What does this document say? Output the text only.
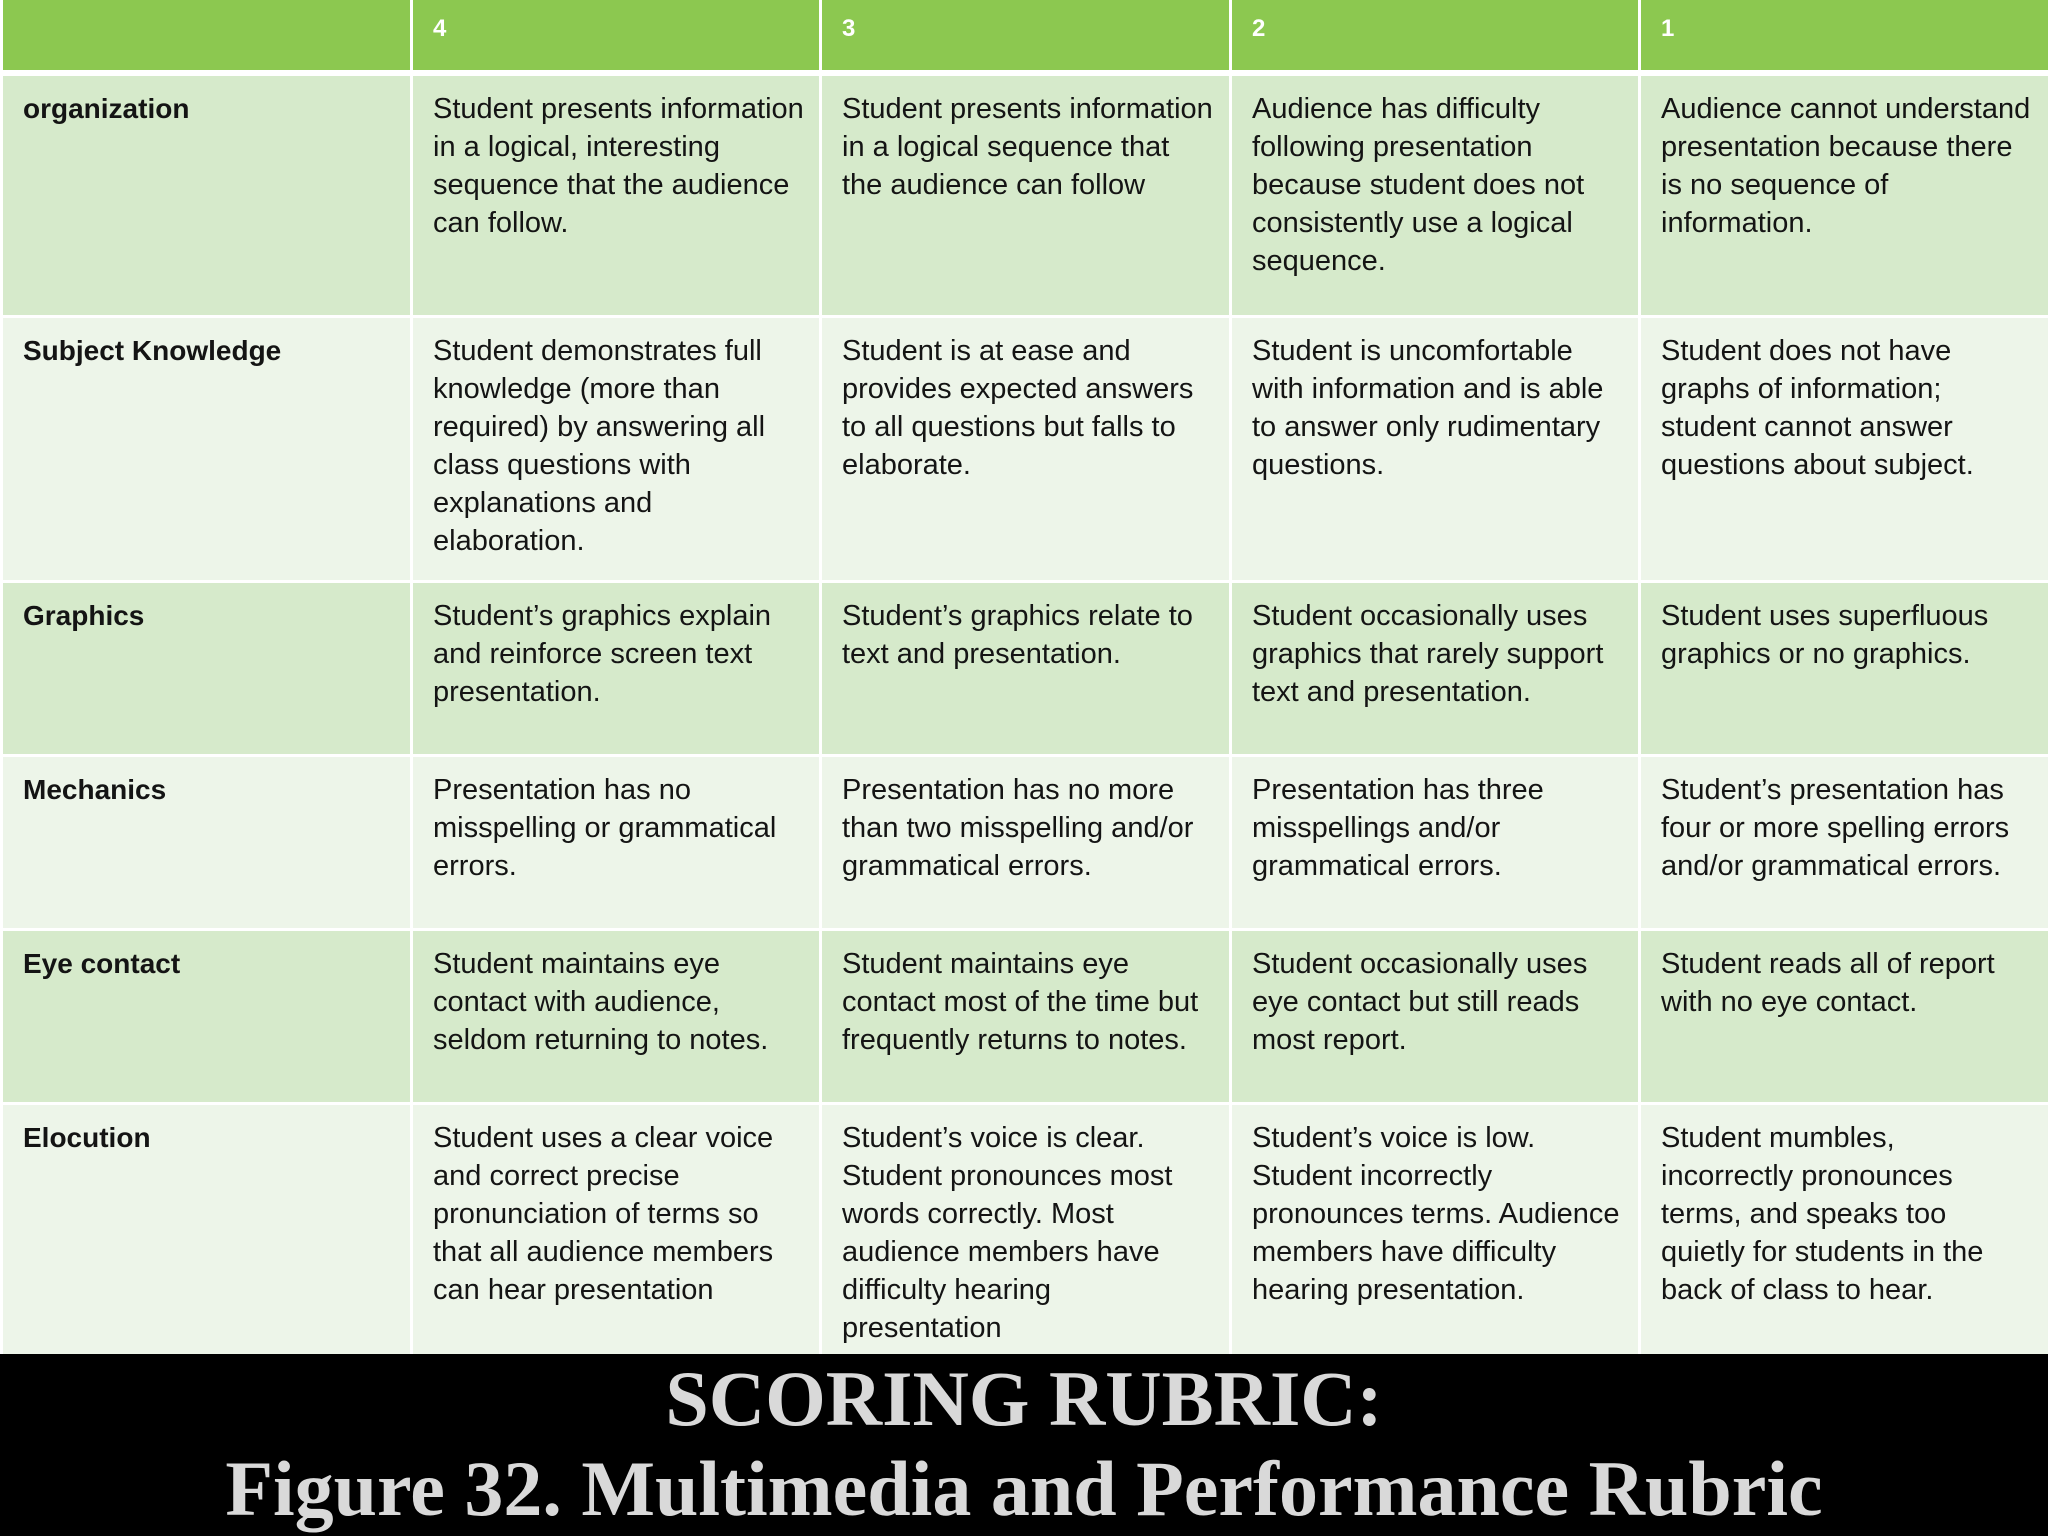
	4	3	2	1
organization	Student presents information in a logical, interesting sequence that the audience can follow.	Student presents information in a logical sequence that the audience can follow	Audience has difficulty following presentation because student does not consistently use a logical sequence.	Audience cannot understand presentation because there is no sequence of information.
Subject Knowledge	Student demonstrates full knowledge (more than required) by answering all class questions with explanations and elaboration.	Student is at ease and provides expected answers to all questions but falls to elaborate.	Student is uncomfortable with information and is able to answer only rudimentary questions.	Student does not have graphs of information; student cannot answer questions about subject.
Graphics	Student’s graphics explain and reinforce screen text presentation.	Student’s graphics relate to text and presentation.	Student occasionally uses graphics that rarely support text and presentation.	Student uses superfluous graphics or no graphics.
Mechanics	Presentation has no misspelling or grammatical errors.	Presentation has no more than two misspelling and/or grammatical errors.	Presentation has three misspellings and/or grammatical errors.	Student’s presentation has four or more spelling errors and/or grammatical errors.
Eye contact	Student maintains eye contact with audience, seldom returning to notes.	Student maintains eye contact most of the time but frequently returns to notes.	Student occasionally uses eye contact but still reads most report.	Student reads all of report with no eye contact.
Elocution	Student uses a clear voice and correct precise pronunciation of terms so that all audience members can hear presentation	Student’s voice is clear. Student pronounces most words correctly. Most audience members have difficulty hearing presentation	Student’s voice is low. Student incorrectly pronounces terms. Audience members have difficulty hearing presentation.	Student mumbles, incorrectly pronounces terms, and speaks too quietly for students in the back of class to hear.
SCORING RUBRIC:
Figure 32. Multimedia and Performance Rubric
